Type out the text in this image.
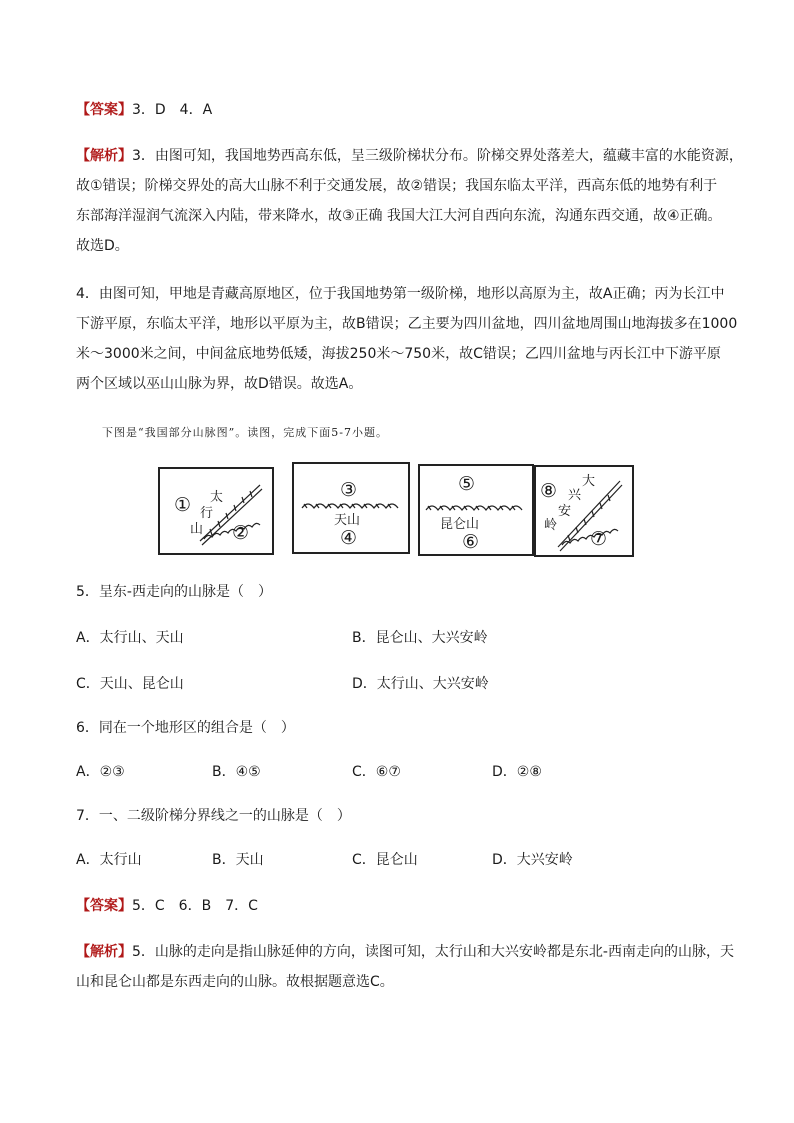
【答案】3．D　4．A
【解析】3．由图可知，我国地势西高东低，呈三级阶梯状分布。阶梯交界处落差大，蕴藏丰富的水能资源，
故①错误；阶梯交界处的高大山脉不利于交通发展，故②错误；我国东临太平洋，西高东低的地势有利于
东部海洋湿润气流深入内陆，带来降水，故③正确 我国大江大河自西向东流，沟通东西交通，故④正确。
故选D。
4．由图可知，甲地是青藏高原地区，位于我国地势第一级阶梯，地形以高原为主，故A正确；丙为长江中
下游平原，东临太平洋，地形以平原为主，故B错误；乙主要为四川盆地，四川盆地周围山地海拔多在1000
米～3000米之间，中间盆底地势低矮，海拔250米～750米，故C错误；乙四川盆地与丙长江中下游平原
两个区域以巫山山脉为界，故D错误。故选A。
下图是“我国部分山脉图”。读图，完成下面5-7小题。
①
②
太
行
山
③
天山
④
⑤
昆仑山
⑥
⑧
⑦
大
兴
安
岭
5．呈东-西走向的山脉是（　）
A．太行山、天山	B．昆仑山、大兴安岭
C．天山、昆仑山	D．太行山、大兴安岭
6．同在一个地形区的组合是（　）
A．②③	B．④⑤	C．⑥⑦	D．②⑧
7．一、二级阶梯分界线之一的山脉是（　）
A．太行山	B．天山	C．昆仑山	D．大兴安岭
【答案】5．C　6．B　7．C
【解析】5．山脉的走向是指山脉延伸的方向，读图可知，太行山和大兴安岭都是东北-西南走向的山脉，天
山和昆仑山都是东西走向的山脉。故根据题意选C。
